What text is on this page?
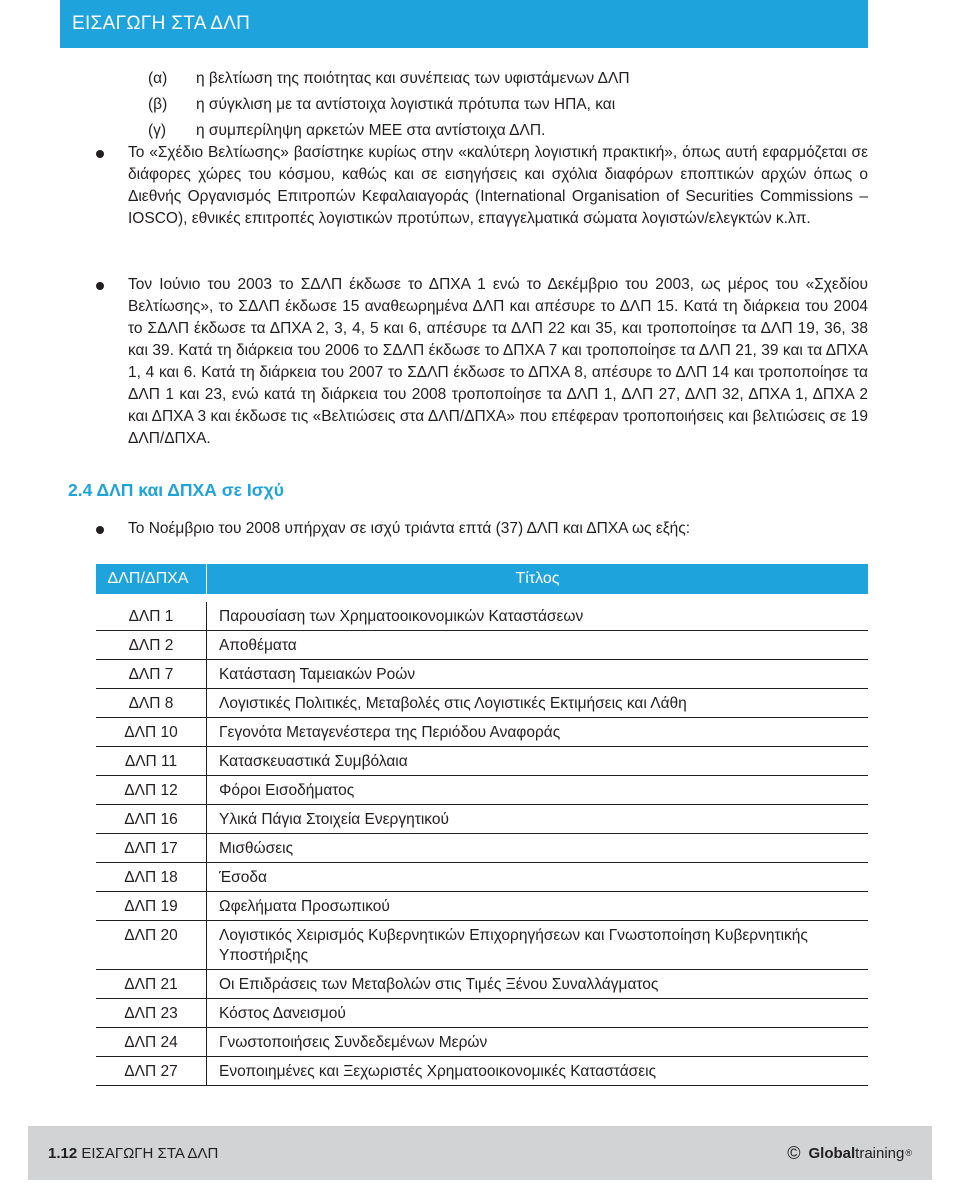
ΕΙΣΑΓΩΓΗ ΣΤΑ ΔΛΠ
(α)	η βελτίωση της ποιότητας και συνέπειας των υφιστάμενων ΔΛΠ
(β)	η σύγκλιση με τα αντίστοιχα λογιστικά πρότυπα των ΗΠΑ, και
(γ)	η συμπερίληψη αρκετών ΜΕΕ στα αντίστοιχα ΔΛΠ.
Το «Σχέδιο Βελτίωσης» βασίστηκε κυρίως στην «καλύτερη λογιστική πρακτική», όπως αυτή εφαρμόζεται σε διάφορες χώρες του κόσμου, καθώς και σε εισηγήσεις και σχόλια διαφόρων εποπτικών αρχών όπως ο Διεθνής Οργανισμός Επιτροπών Κεφαλαιαγοράς (International Organisation of Securities Commissions – IOSCO), εθνικές επιτροπές λογιστικών προτύπων, επαγγελματικά σώματα λογιστών/ελεγκτών κ.λπ.
Τον Ιούνιο του 2003 το ΣΔΛΠ έκδωσε το ΔΠΧΑ 1 ενώ το Δεκέμβριο του 2003, ως μέρος του «Σχεδίου Βελτίωσης», το ΣΔΛΠ έκδωσε 15 αναθεωρημένα ΔΛΠ και απέσυρε το ΔΛΠ 15. Κατά τη διάρκεια του 2004 το ΣΔΛΠ έκδωσε τα ΔΠΧΑ 2, 3, 4, 5 και 6, απέσυρε τα ΔΛΠ 22 και 35, και τροποποίησε τα ΔΛΠ 19, 36, 38 και 39. Κατά τη διάρκεια του 2006 το ΣΔΛΠ έκδωσε το ΔΠΧΑ 7 και τροποποίησε τα ΔΛΠ 21, 39 και τα ΔΠΧΑ 1, 4 και 6. Κατά τη διάρκεια του 2007 το ΣΔΛΠ έκδωσε το ΔΠΧΑ 8, απέσυρε το ΔΛΠ 14 και τροποποίησε τα ΔΛΠ 1 και 23, ενώ κατά τη διάρκεια του 2008 τροποποίησε τα ΔΛΠ 1, ΔΛΠ 27, ΔΛΠ 32, ΔΠΧΑ 1, ΔΠΧΑ 2 και ΔΠΧΑ 3 και έκδωσε τις «Βελτιώσεις στα ΔΛΠ/ΔΠΧΑ» που επέφεραν τροποποιήσεις και βελτιώσεις σε 19 ΔΛΠ/ΔΠΧΑ.
2.4 ΔΛΠ και ΔΠΧΑ σε Ισχύ
Το Νοέμβριο του 2008 υπήρχαν σε ισχύ τριάντα επτά (37) ΔΛΠ και ΔΠΧΑ ως εξής:
ΔΛΠ/ΔΠΧΑ	Τίτλος

ΔΛΠ 1	Παρουσίαση των Χρηματοοικονομικών Καταστάσεων
ΔΛΠ 2	Αποθέματα
ΔΛΠ 7	Κατάσταση Ταμειακών Ροών
ΔΛΠ 8	Λογιστικές Πολιτικές, Μεταβολές στις Λογιστικές Εκτιμήσεις και Λάθη
ΔΛΠ 10	Γεγονότα Μεταγενέστερα της Περιόδου Αναφοράς
ΔΛΠ 11	Κατασκευαστικά Συμβόλαια
ΔΛΠ 12	Φόροι Εισοδήματος
ΔΛΠ 16	Υλικά Πάγια Στοιχεία Ενεργητικού
ΔΛΠ 17	Μισθώσεις
ΔΛΠ 18	Έσοδα
ΔΛΠ 19	Ωφελήματα Προσωπικού
ΔΛΠ 20	Λογιστικός Χειρισμός Κυβερνητικών Επιχορηγήσεων και Γνωστοποίηση Κυβερνητικής Υποστήριξης
ΔΛΠ 21	Οι Επιδράσεις των Μεταβολών στις Τιμές Ξένου Συναλλάγματος
ΔΛΠ 23	Κόστος Δανεισμού
ΔΛΠ 24	Γνωστοποιήσεις Συνδεδεμένων Μερών
ΔΛΠ 27	Ενοποιημένες και Ξεχωριστές Χρηματοοικονομικές Καταστάσεις
1.12 ΕΙΣΑΓΩΓΗ ΣΤΑ ΔΛΠ	© Global training ®
